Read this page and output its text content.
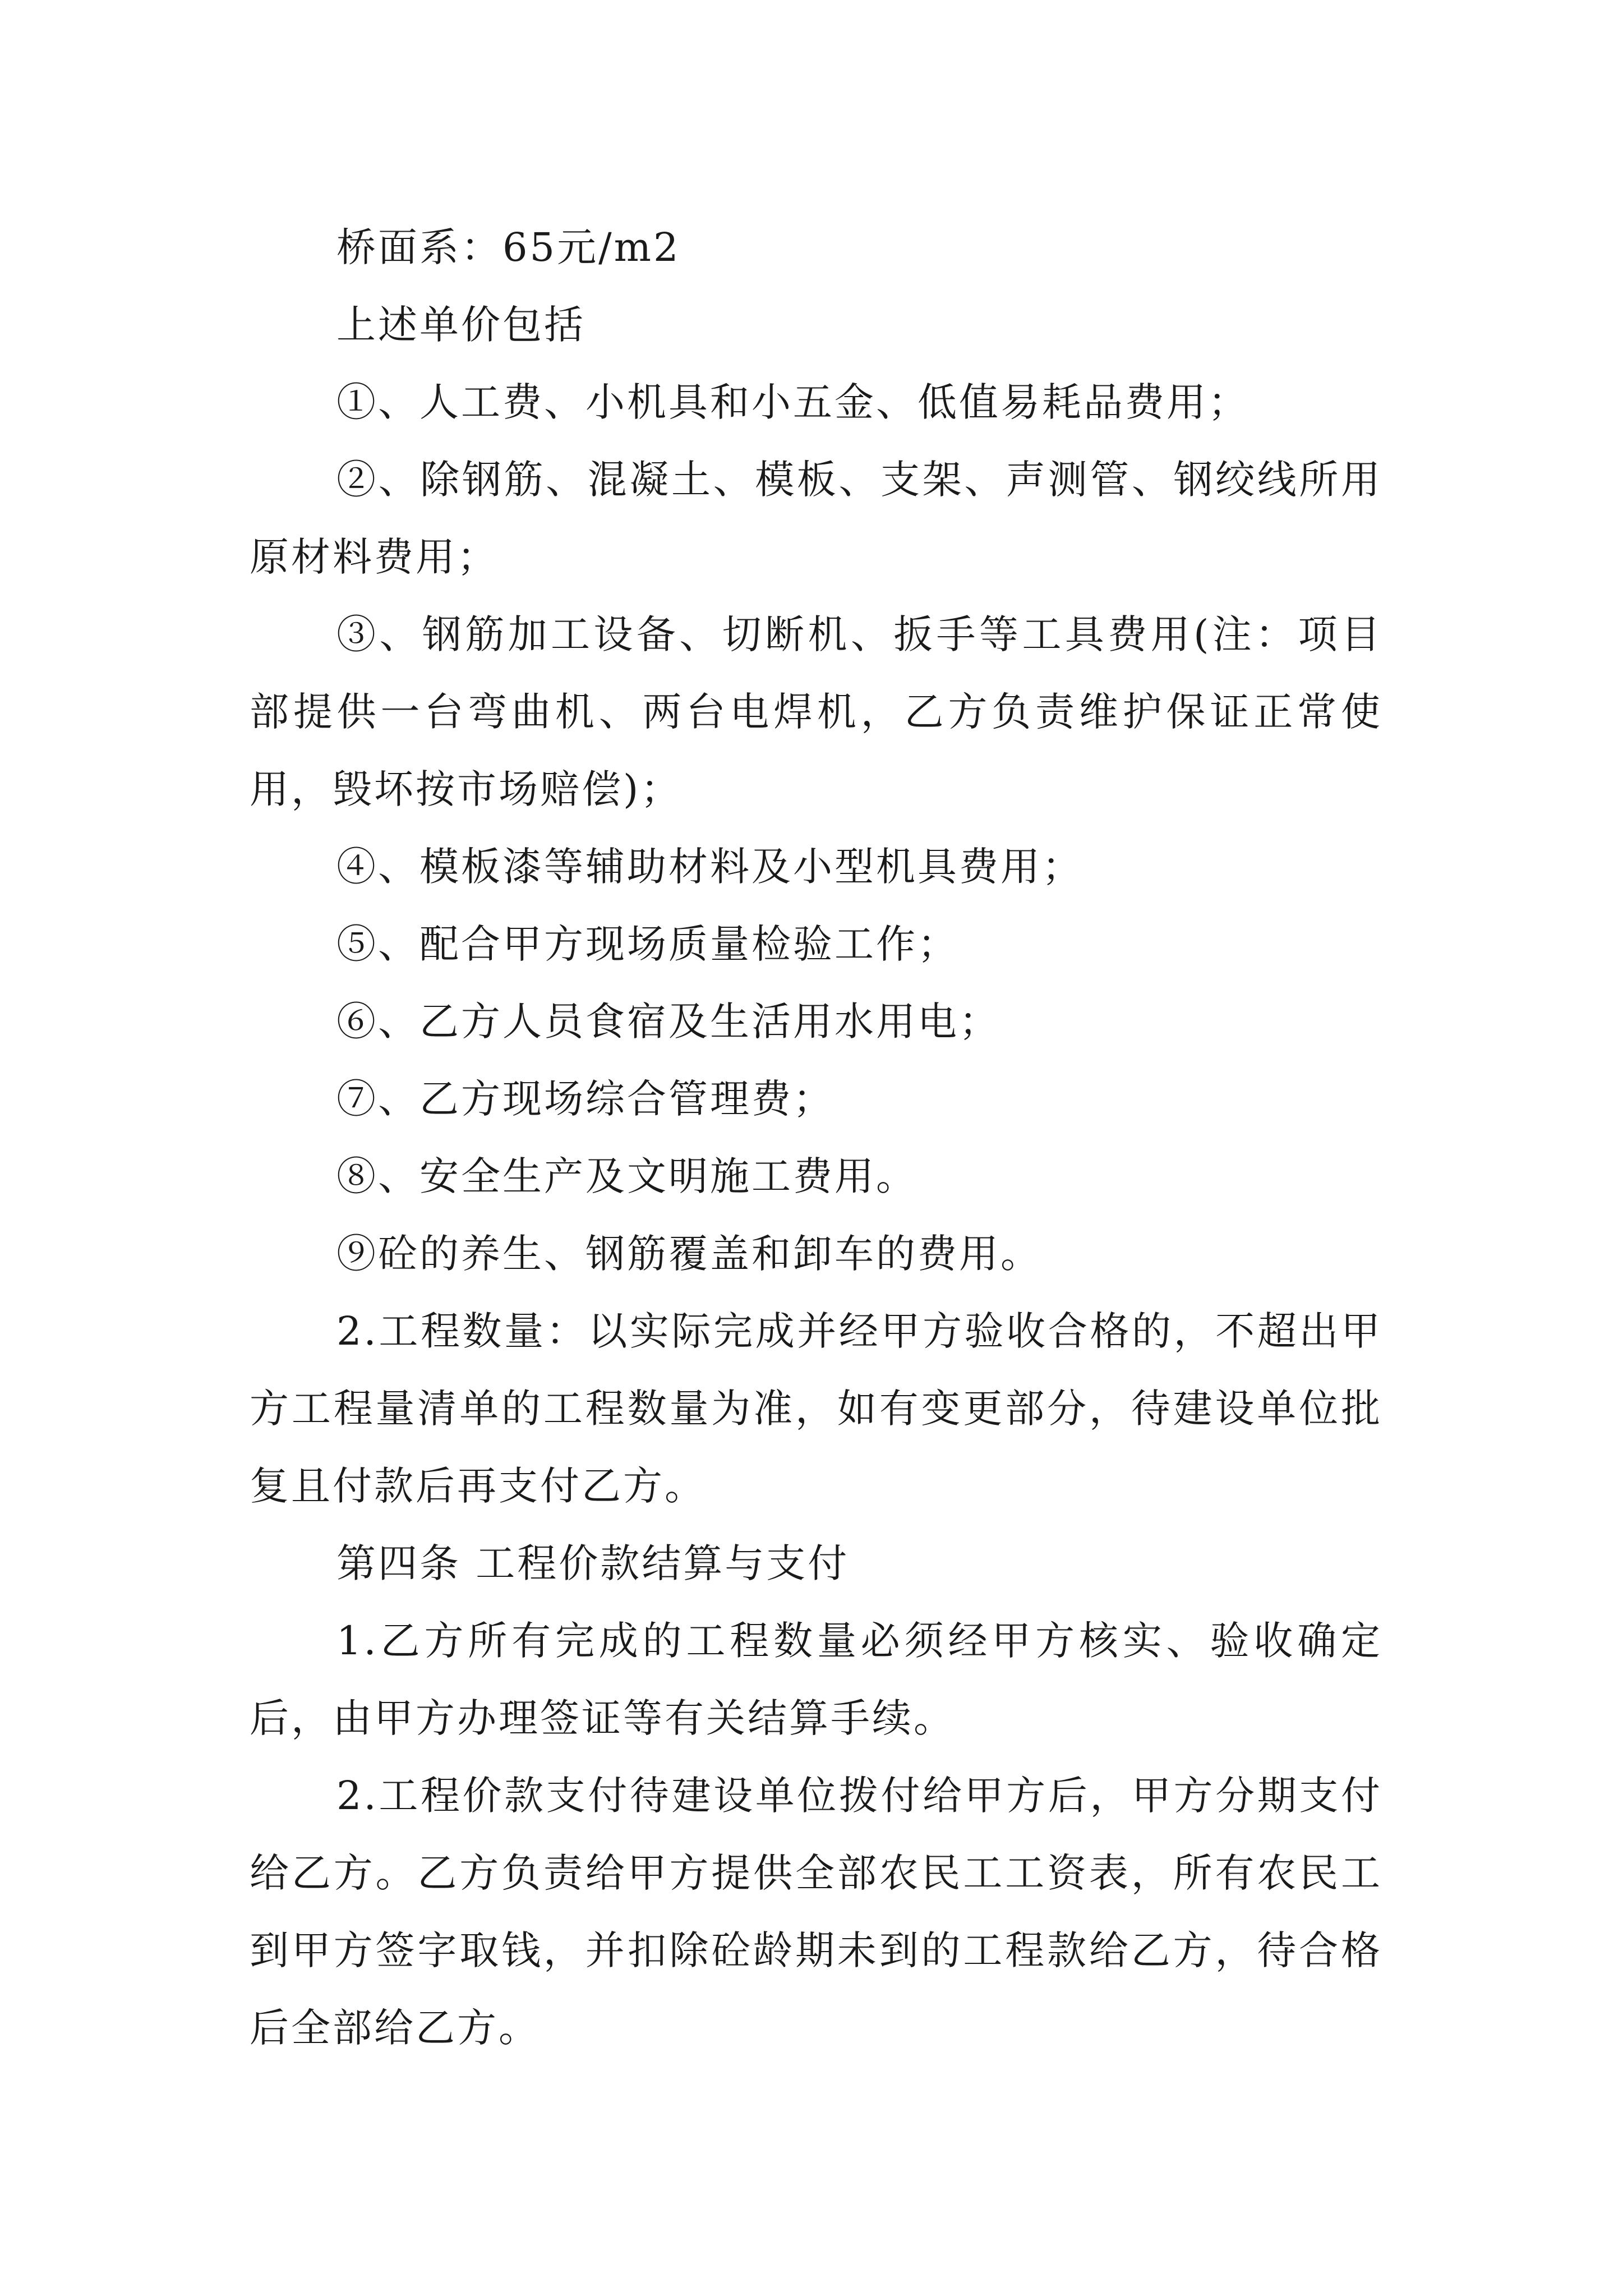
桥面系：65元/m2

上述单价包括

①、人工费、小机具和小五金、低值易耗品费用；

②、除钢筋、混凝土、模板、支架、声测管、钢绞线所用原材料费用；

③、钢筋加工设备、切断机、扳手等工具费用(注：项目部提供一台弯曲机、两台电焊机，乙方负责维护保证正常使用，毁坏按市场赔偿)；

④、模板漆等辅助材料及小型机具费用；

⑤、配合甲方现场质量检验工作；

⑥、乙方人员食宿及生活用水用电；

⑦、乙方现场综合管理费；

⑧、安全生产及文明施工费用。

⑨砼的养生、钢筋覆盖和卸车的费用。

2.工程数量：以实际完成并经甲方验收合格的，不超出甲方工程量清单的工程数量为准，如有变更部分，待建设单位批复且付款后再支付乙方。

第四条 工程价款结算与支付

1.乙方所有完成的工程数量必须经甲方核实、验收确定后，由甲方办理签证等有关结算手续。

2.工程价款支付待建设单位拨付给甲方后，甲方分期支付给乙方。乙方负责给甲方提供全部农民工工资表，所有农民工到甲方签字取钱，并扣除砼龄期未到的工程款给乙方，待合格后全部给乙方。
